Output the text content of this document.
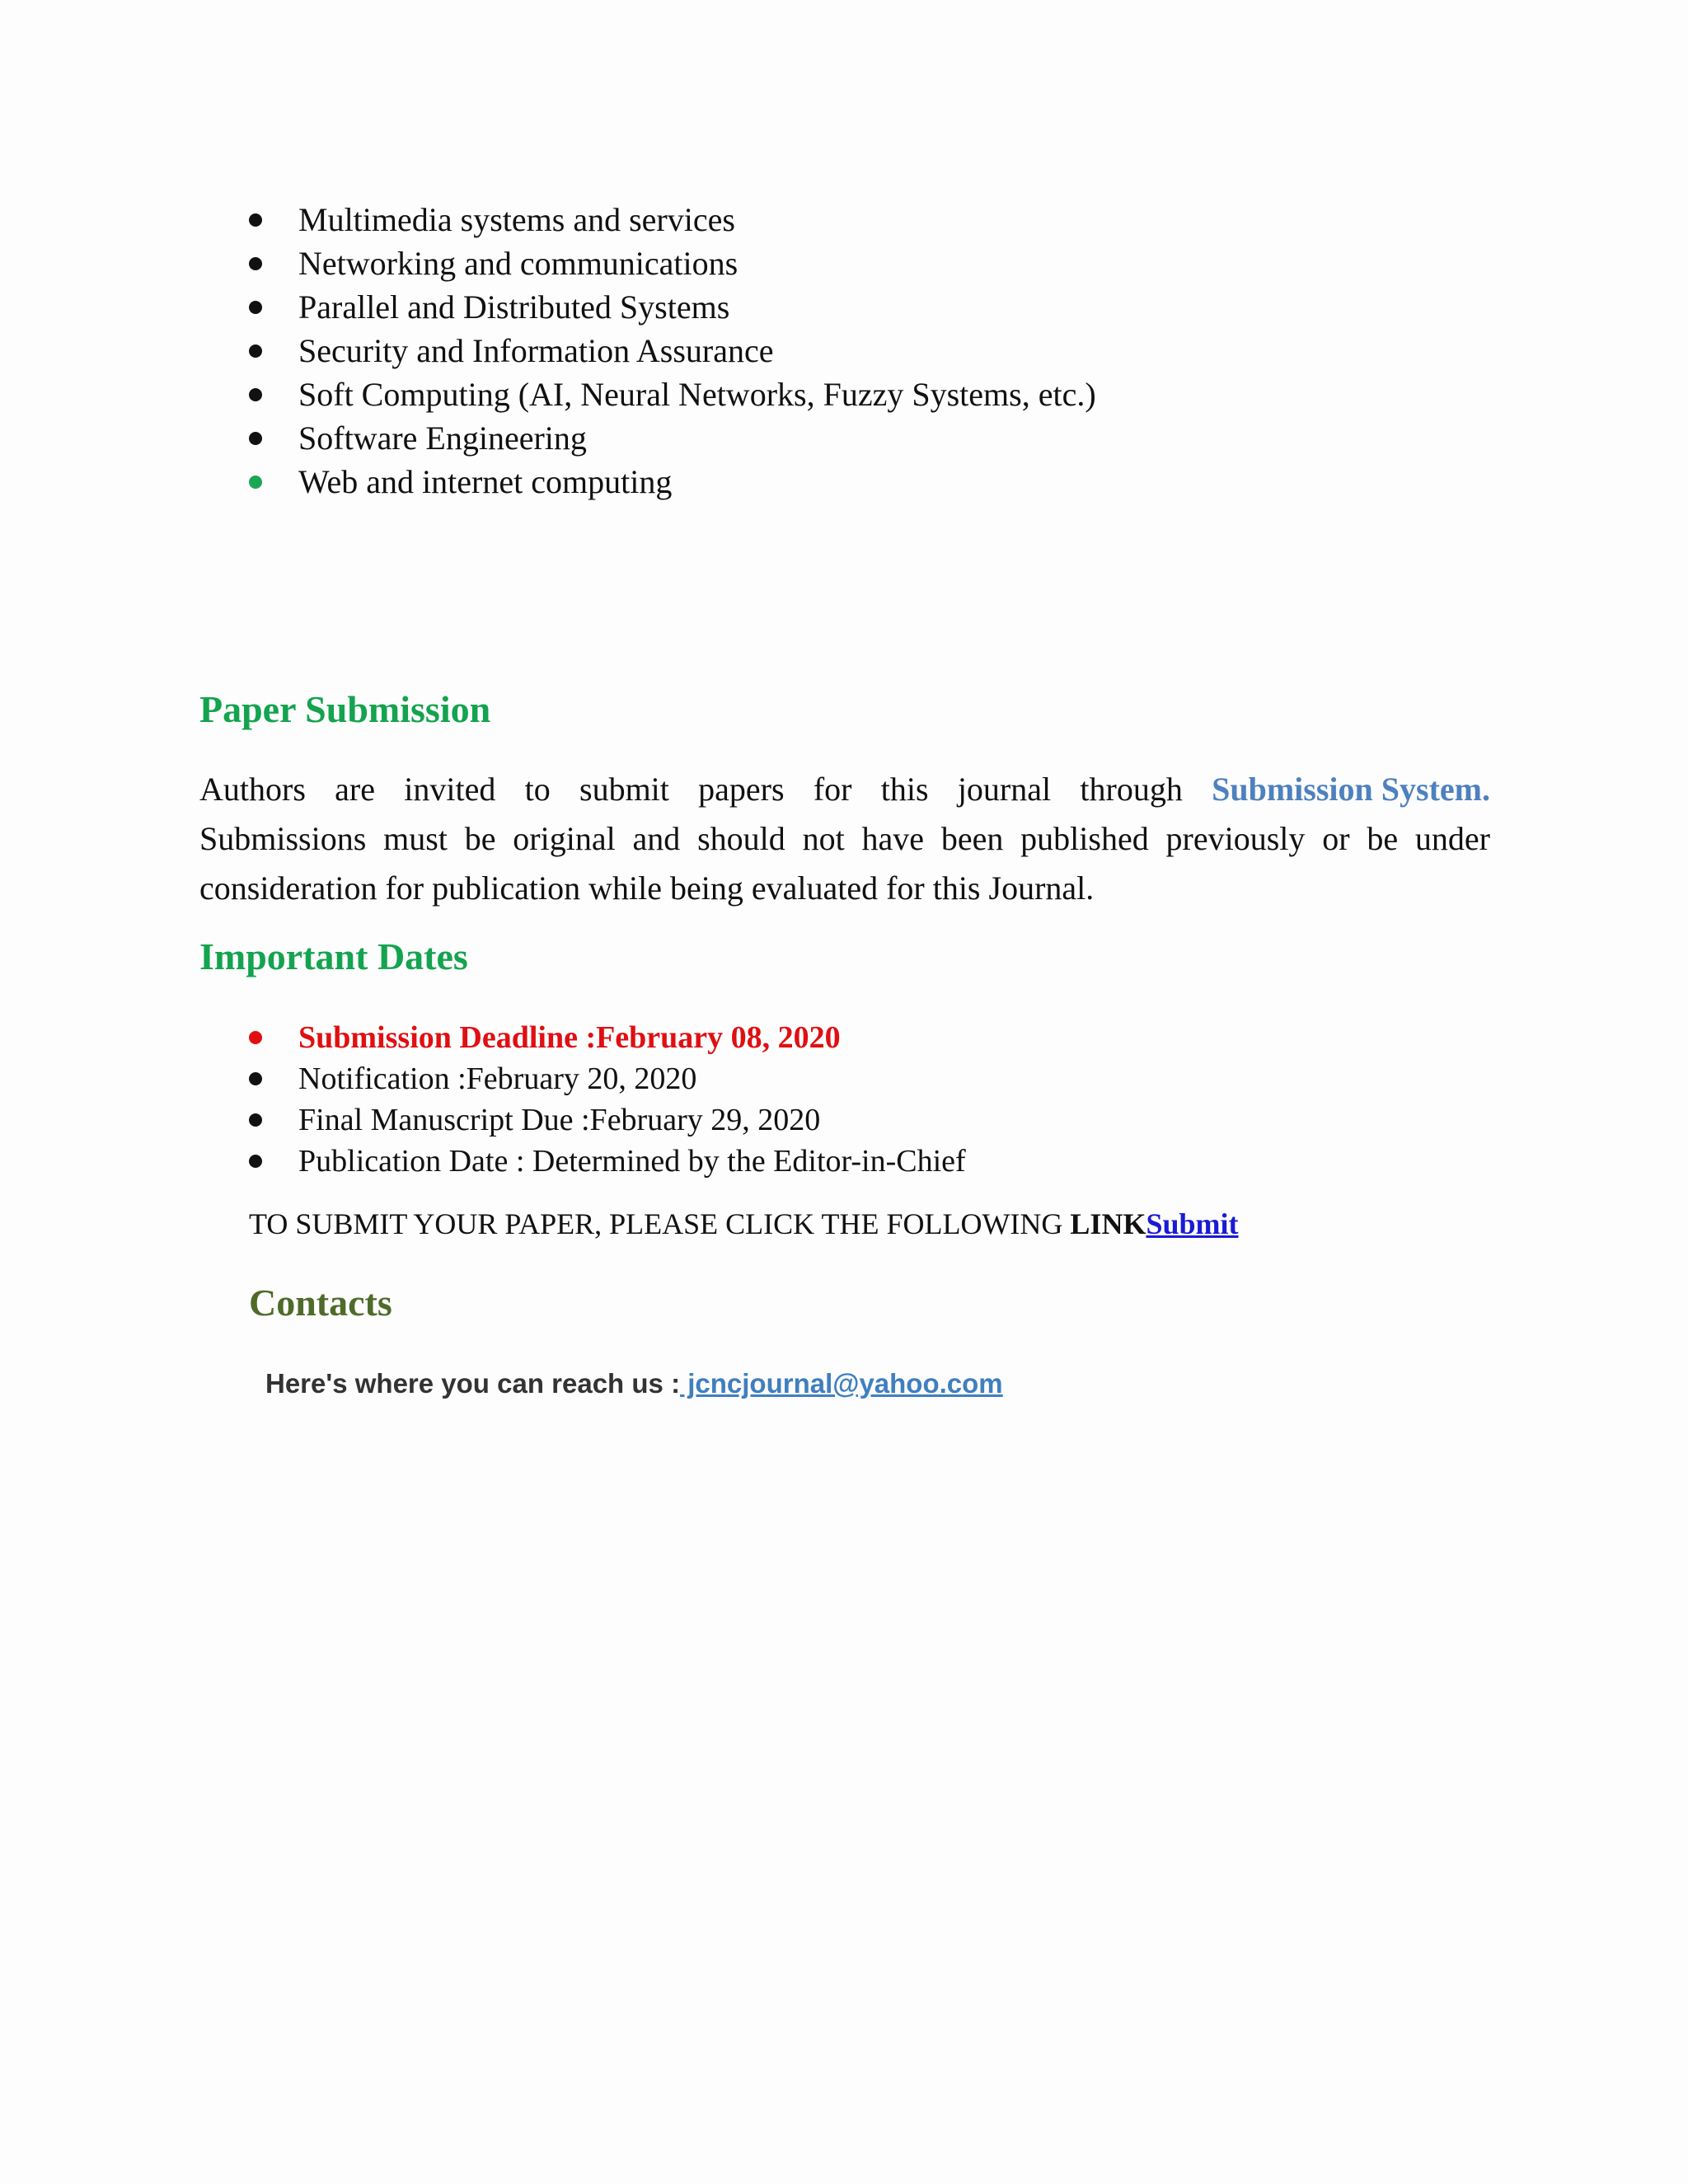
Multimedia systems and services
Networking and communications
Parallel and Distributed Systems
Security and Information Assurance
Soft Computing (AI, Neural Networks, Fuzzy Systems, etc.)
Software Engineering
Web and internet computing
Paper Submission
Authors are invited to submit papers for this journal through Submission System.
Submissions must be original and should not have been published previously or be under consideration for publication while being evaluated for this Journal.
Important Dates
Submission Deadline :February 08, 2020
Notification :February 20, 2020
Final Manuscript Due :February 29, 2020
Publication Date : Determined by the Editor-in-Chief
TO SUBMIT YOUR PAPER, PLEASE CLICK THE FOLLOWING LINKSubmit
Contacts
Here's where you can reach us : jcncjournal@yahoo.com
